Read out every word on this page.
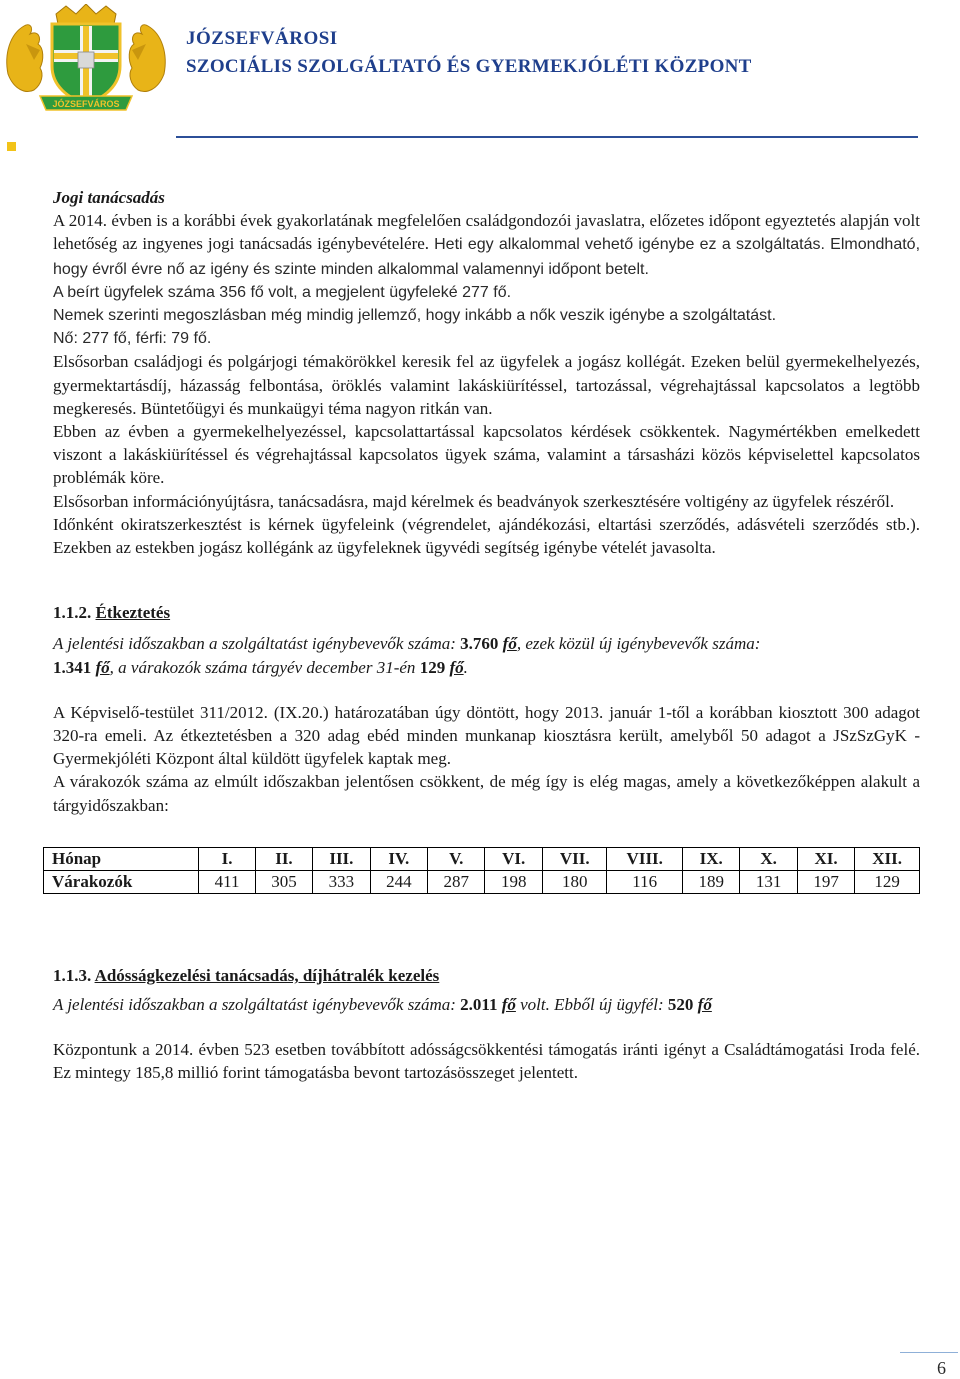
JÓZSEFVÁROS
JÓZSEFVÁROSI
SZOCIÁLIS SZOLGÁLTATÓ ÉS GYERMEKJÓLÉTI KÖZPONT

Jogi tanácsadás

A 2014. évben is a korábbi évek gyakorlatának megfelelően családgondozói javaslatra, előzetes időpont egyeztetés alapján volt lehetőség az ingyenes jogi tanácsadás igénybevételére. Heti egy alkalommal vehető igénybe ez a szolgáltatás. Elmondható, hogy évről évre nő az igény és szinte minden alkalommal valamennyi időpont betelt.

A beírt ügyfelek száma 356 fő volt, a megjelent ügyfeleké 277 fő.

Nemek szerinti megoszlásban még mindig jellemző, hogy inkább a nők veszik igénybe a szolgáltatást.

Nő: 277 fő, férfi: 79 fő.

Elsősorban családjogi és polgárjogi témakörökkel keresik fel az ügyfelek a jogász kollégát. Ezeken belül gyermekelhelyezés, gyermektartásdíj, házasság felbontása, öröklés valamint lakáskiürítéssel, tartozással, végrehajtással kapcsolatos a legtöbb megkeresés. Büntetőügyi és munkaügyi téma nagyon ritkán van.

Ebben az évben a gyermekelhelyezéssel, kapcsolattartással kapcsolatos kérdések csökkentek. Nagymértékben emelkedett viszont a lakáskiürítéssel és végrehajtással kapcsolatos ügyek száma, valamint a társasházi közös képviselettel kapcsolatos problémák köre.

Elsősorban információnyújtásra, tanácsadásra, majd kérelmek és beadványok szerkesztésére voltigény az ügyfelek részéről.

Időnként okiratszerkesztést is kérnek ügyfeleink (végrendelet, ajándékozási, eltartási szerződés, adásvételi szerződés stb.). Ezekben az estekben jogász kollégánk az ügyfeleknek ügyvédi segítség igénybe vételét javasolta.

1.1.2. Étkeztetés

A jelentési időszakban a szolgáltatást igénybevevők száma: 3.760 fő, ezek közül új igénybevevők száma:
1.341 fő, a várakozók száma tárgyév december 31-én 129 fő.

A Képviselő-testület 311/2012. (IX.20.) határozatában úgy döntött, hogy 2013. január 1-től a korábban kiosztott 300 adagot 320-ra emeli. Az étkeztetésben a 320 adag ebéd minden munkanap kiosztásra került, amelyből 50 adagot a JSzSzGyK - Gyermekjóléti Központ által küldött ügyfelek kaptak meg.

A várakozók száma az elmúlt időszakban jelentősen csökkent, de még így is elég magas, amely a következőképpen alakult a tárgyidőszakban:

Hónap	I.	II.	III.	IV.	V.	VI.	VII.	VIII.	IX.	X.	XI.	XII.
Várakozók	411	305	333	244	287	198	180	116	189	131	197	129

1.1.3. Adósságkezelési tanácsadás, díjhátralék kezelés

A jelentési időszakban a szolgáltatást igénybevevők száma: 2.011 fő volt. Ebből új ügyfél: 520 fő

Központunk a 2014. évben 523 esetben továbbított adósságcsökkentési támogatás iránti igényt a Családtámogatási Iroda felé. Ez mintegy 185,8 millió forint támogatásba bevont tartozásösszeget jelentett.

6
